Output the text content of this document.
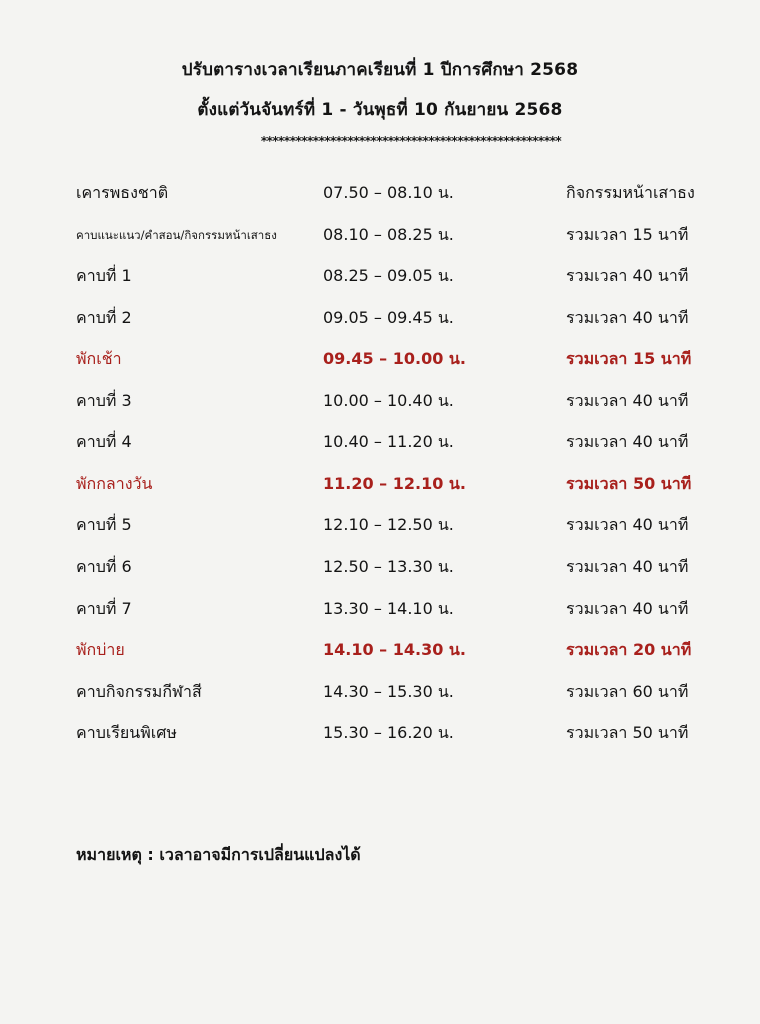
ปรับตารางเวลาเรียนภาคเรียนที่ 1 ปีการศึกษา 2568
ตั้งแต่วันจันทร์ที่ 1 - วันพุธที่ 10 กันยายน 2568
****************************************************
เคารพธงชาติ	07.50 – 08.10 น.	กิจกรรมหน้าเสาธง
คาบแนะแนว/คำสอน/กิจกรรมหน้าเสาธง	08.10 – 08.25 น.	รวมเวลา 15 นาที
คาบที่ 1	08.25 – 09.05 น.	รวมเวลา 40 นาที
คาบที่ 2	09.05 – 09.45 น.	รวมเวลา 40 นาที
พักเช้า	09.45 – 10.00 น.	รวมเวลา 15 นาที
คาบที่ 3	10.00 – 10.40 น.	รวมเวลา 40 นาที
คาบที่ 4	10.40 – 11.20 น.	รวมเวลา 40 นาที
พักกลางวัน	11.20 – 12.10 น.	รวมเวลา 50 นาที
คาบที่ 5	12.10 – 12.50 น.	รวมเวลา 40 นาที
คาบที่ 6	12.50 – 13.30 น.	รวมเวลา 40 นาที
คาบที่ 7	13.30 – 14.10 น.	รวมเวลา 40 นาที
พักบ่าย	14.10 – 14.30 น.	รวมเวลา 20 นาที
คาบกิจกรรมกีฬาสี	14.30 – 15.30 น.	รวมเวลา 60 นาที
คาบเรียนพิเศษ	15.30 – 16.20 น.	รวมเวลา 50 นาที
หมายเหตุ : เวลาอาจมีการเปลี่ยนแปลงได้
